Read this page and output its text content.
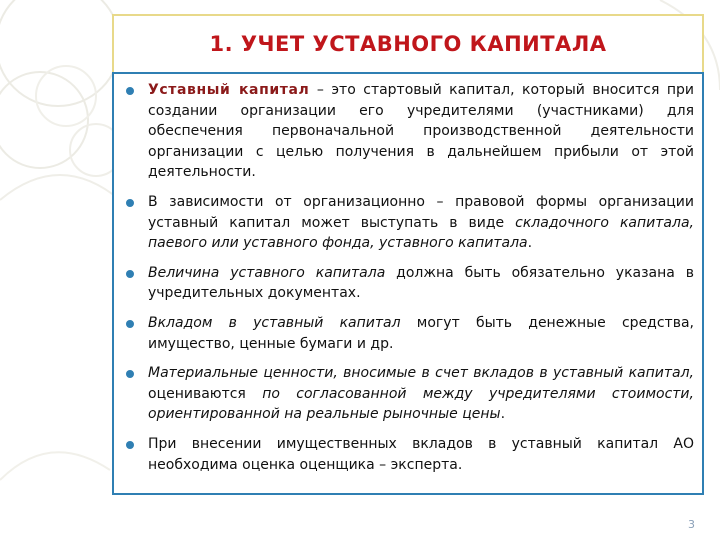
1. УЧЕТ УСТАВНОГО КАПИТАЛА
Уставный капитал – это стартовый капитал, который вносится при создании организации его учредителями (участниками) для обеспечения первоначальной производственной деятельности организации с целью получения в дальнейшем прибыли от этой деятельности.
В зависимости от организационно – правовой формы организации уставный капитал может выступать в виде складочного капитала, паевого или уставного фонда, уставного капитала.
Величина уставного капитала должна быть обязательно указана в учредительных документах.
Вкладом в уставный капитал могут быть денежные средства, имущество, ценные бумаги и др.
Материальные ценности, вносимые в счет вкладов в уставный капитал, оцениваются по согласованной между учредителями стоимости, ориентированной на реальные рыночные цены.
При внесении имущественных вкладов в уставный капитал АО необходима оценка оценщика – эксперта.
3
